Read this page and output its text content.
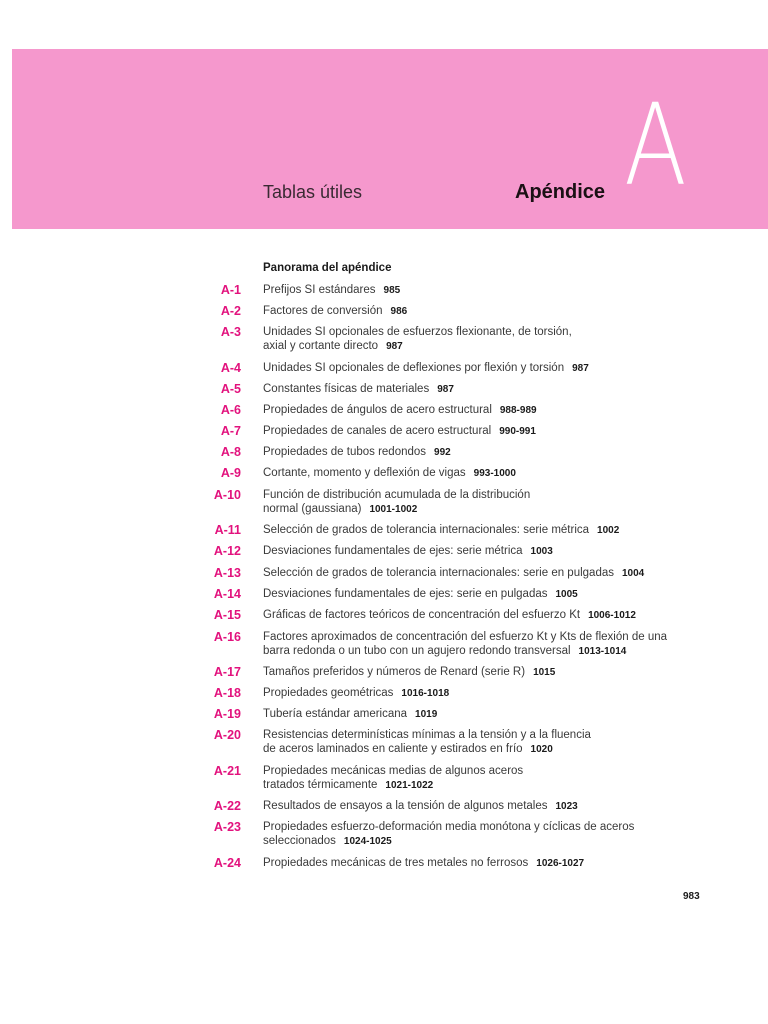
Tablas útiles	Apéndice A
Panorama del apéndice
A-1 Prefijos SI estándares 985
A-2 Factores de conversión 986
A-3 Unidades SI opcionales de esfuerzos flexionante, de torsión,
axial y cortante directo 987
A-4 Unidades SI opcionales de deflexiones por flexión y torsión 987
A-5 Constantes físicas de materiales 987
A-6 Propiedades de ángulos de acero estructural 988-989
A-7 Propiedades de canales de acero estructural 990-991
A-8 Propiedades de tubos redondos 992
A-9 Cortante, momento y deflexión de vigas 993-1000
A-10 Función de distribución acumulada de la distribución
normal (gaussiana) 1001-1002
A-11 Selección de grados de tolerancia internacionales: serie métrica 1002
A-12 Desviaciones fundamentales de ejes: serie métrica 1003
A-13 Selección de grados de tolerancia internacionales: serie en pulgadas 1004
A-14 Desviaciones fundamentales de ejes: serie en pulgadas 1005
A-15 Gráficas de factores teóricos de concentración del esfuerzo Kt 1006-1012
A-16 Factores aproximados de concentración del esfuerzo Kt y Kts de flexión de una
barra redonda o un tubo con un agujero redondo transversal 1013-1014
A-17 Tamaños preferidos y números de Renard (serie R) 1015
A-18 Propiedades geométricas 1016-1018
A-19 Tubería estándar americana 1019
A-20 Resistencias determinísticas mínimas a la tensión y a la fluencia
de aceros laminados en caliente y estirados en frío 1020
A-21 Propiedades mecánicas medias de algunos aceros
tratados térmicamente 1021-1022
A-22 Resultados de ensayos a la tensión de algunos metales 1023
A-23 Propiedades esfuerzo-deformación media monótona y cíclicas de aceros
seleccionados 1024-1025
A-24 Propiedades mecánicas de tres metales no ferrosos 1026-1027
983
